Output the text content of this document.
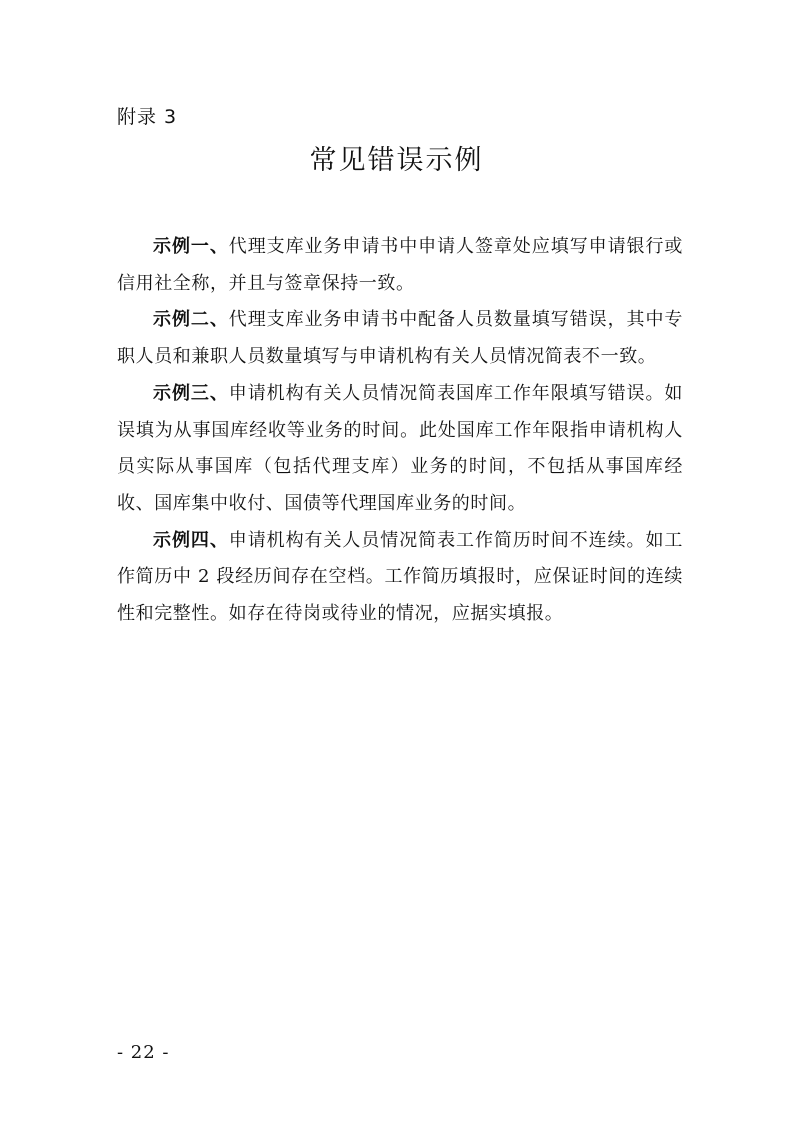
附录 3
常见错误示例

示例一、代理支库业务申请书中申请人签章处应填写申请银行或信用社全称，并且与签章保持一致。

示例二、代理支库业务申请书中配备人员数量填写错误，其中专职人员和兼职人员数量填写与申请机构有关人员情况简表不一致。

示例三、申请机构有关人员情况简表国库工作年限填写错误。如误填为从事国库经收等业务的时间。此处国库工作年限指申请机构人员实际从事国库（包括代理支库）业务的时间，不包括从事国库经收、国库集中收付、国债等代理国库业务的时间。

示例四、申请机构有关人员情况简表工作简历时间不连续。如工作简历中 2 段经历间存在空档。工作简历填报时，应保证时间的连续性和完整性。如存在待岗或待业的情况，应据实填报。

- 22 -
